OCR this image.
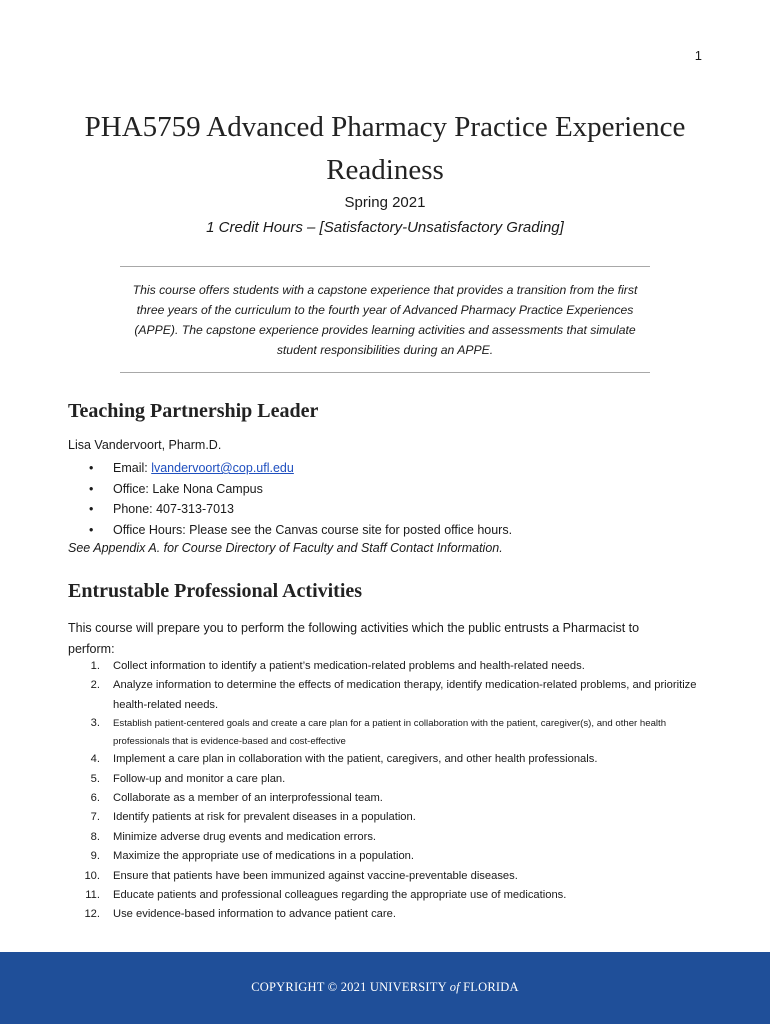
1
PHA5759 Advanced Pharmacy Practice Experience Readiness
Spring 2021
1 Credit Hours – [Satisfactory-Unsatisfactory Grading]
This course offers students with a capstone experience that provides a transition from the first three years of the curriculum to the fourth year of Advanced Pharmacy Practice Experiences (APPE). The capstone experience provides learning activities and assessments that simulate student responsibilities during an APPE.
Teaching Partnership Leader
Lisa Vandervoort, Pharm.D.
• Email: lvandervoort@cop.ufl.edu
• Office: Lake Nona Campus
• Phone: 407-313-7013
• Office Hours: Please see the Canvas course site for posted office hours.
See Appendix A. for Course Directory of Faculty and Staff Contact Information.
Entrustable Professional Activities
This course will prepare you to perform the following activities which the public entrusts a Pharmacist to perform:
1. Collect information to identify a patient’s medication-related problems and health-related needs.
2. Analyze information to determine the effects of medication therapy, identify medication-related problems, and prioritize health-related needs.
3. Establish patient-centered goals and create a care plan for a patient in collaboration with the patient, caregiver(s), and other health professionals that is evidence-based and cost-effective
4. Implement a care plan in collaboration with the patient, caregivers, and other health professionals.
5. Follow-up and monitor a care plan.
6. Collaborate as a member of an interprofessional team.
7. Identify patients at risk for prevalent diseases in a population.
8. Minimize adverse drug events and medication errors.
9. Maximize the appropriate use of medications in a population.
10. Ensure that patients have been immunized against vaccine-preventable diseases.
11. Educate patients and professional colleagues regarding the appropriate use of medications.
12. Use evidence-based information to advance patient care.
COPYRIGHT © 2021 UNIVERSITY of FLORIDA
